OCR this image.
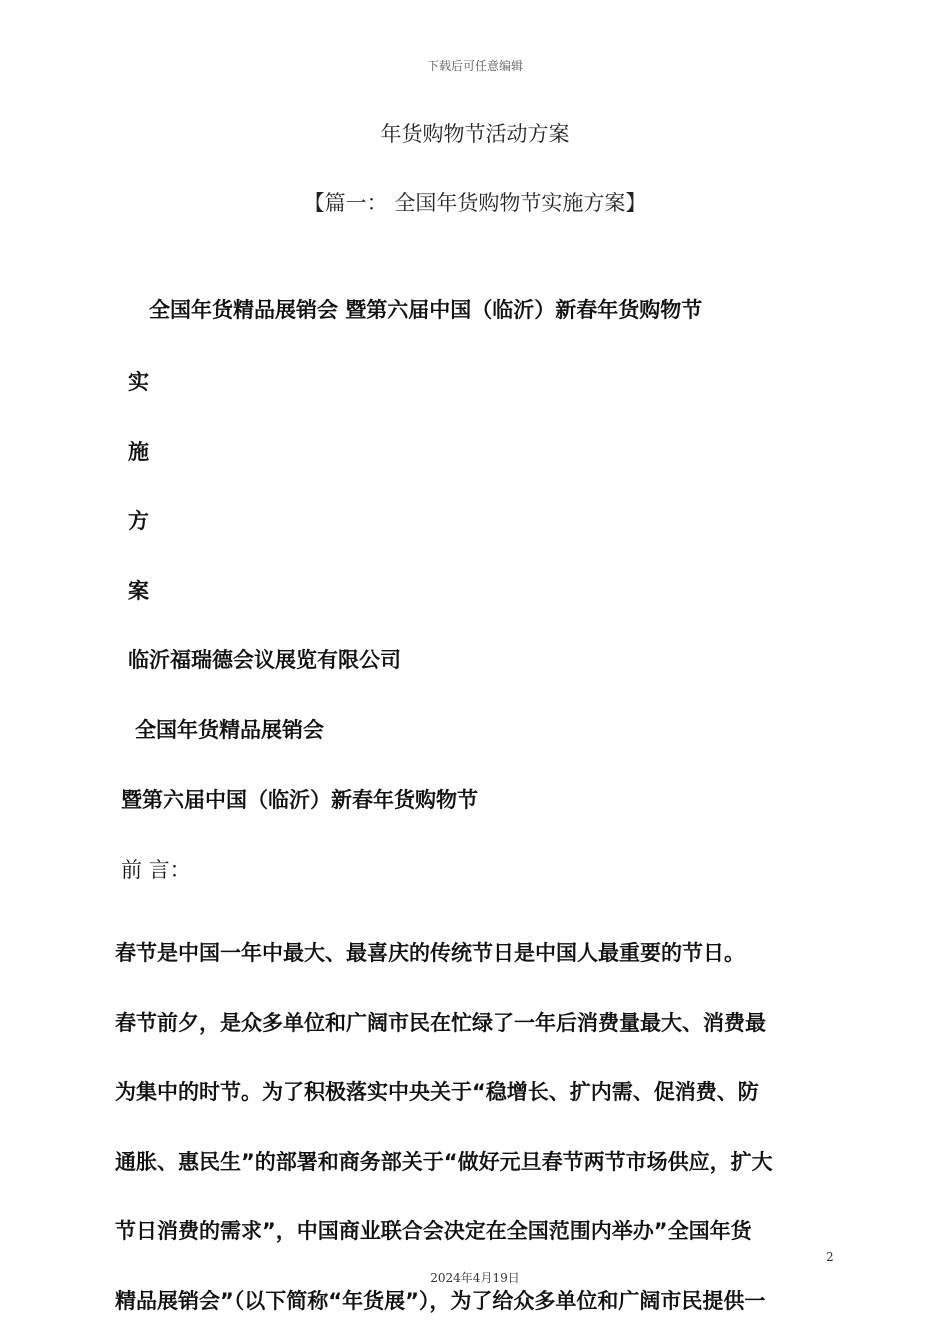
下载后可任意编辑
年货购物节活动方案
【篇一： 全国年货购物节实施方案】
全国年货精品展销会 暨第六届中国（临沂）新春年货购物节
实
施
方
案
临沂福瑞德会议展览有限公司
全国年货精品展销会
暨第六届中国（临沂）新春年货购物节
前 言：
春节是中国一年中最大、最喜庆的传统节日是中国人最重要的节日。
春节前夕，是众多单位和广阔市民在忙绿了一年后消费量最大、消费最
为集中的时节。为了积极落实中央关于“稳增长、扩内需、促消费、防
通胀、惠民生”的部署和商务部关于“做好元旦春节两节市场供应，扩大
节日消费的需求”，中国商业联合会决定在全国范围内举办”全国年货
精品展销会”（以下简称“年货展”），为了给众多单位和广阔市民提供一
2
2024年4月19日
